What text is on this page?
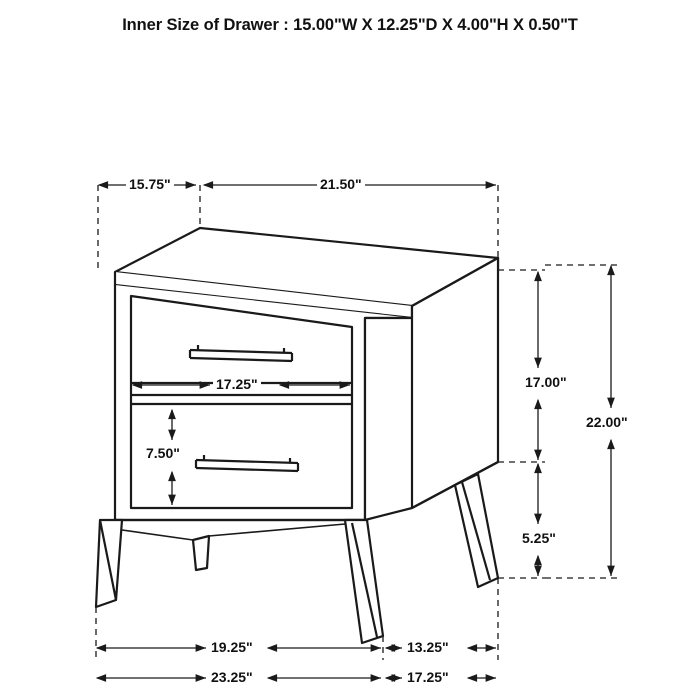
Inner Size of Drawer : 15.00"W X 12.25"D X 4.00"H X 0.50"T
15.75"	21.50"
17.25"
7.50"
17.00"
5.25"
22.00"
19.25"	13.25"
23.25"	17.25"
